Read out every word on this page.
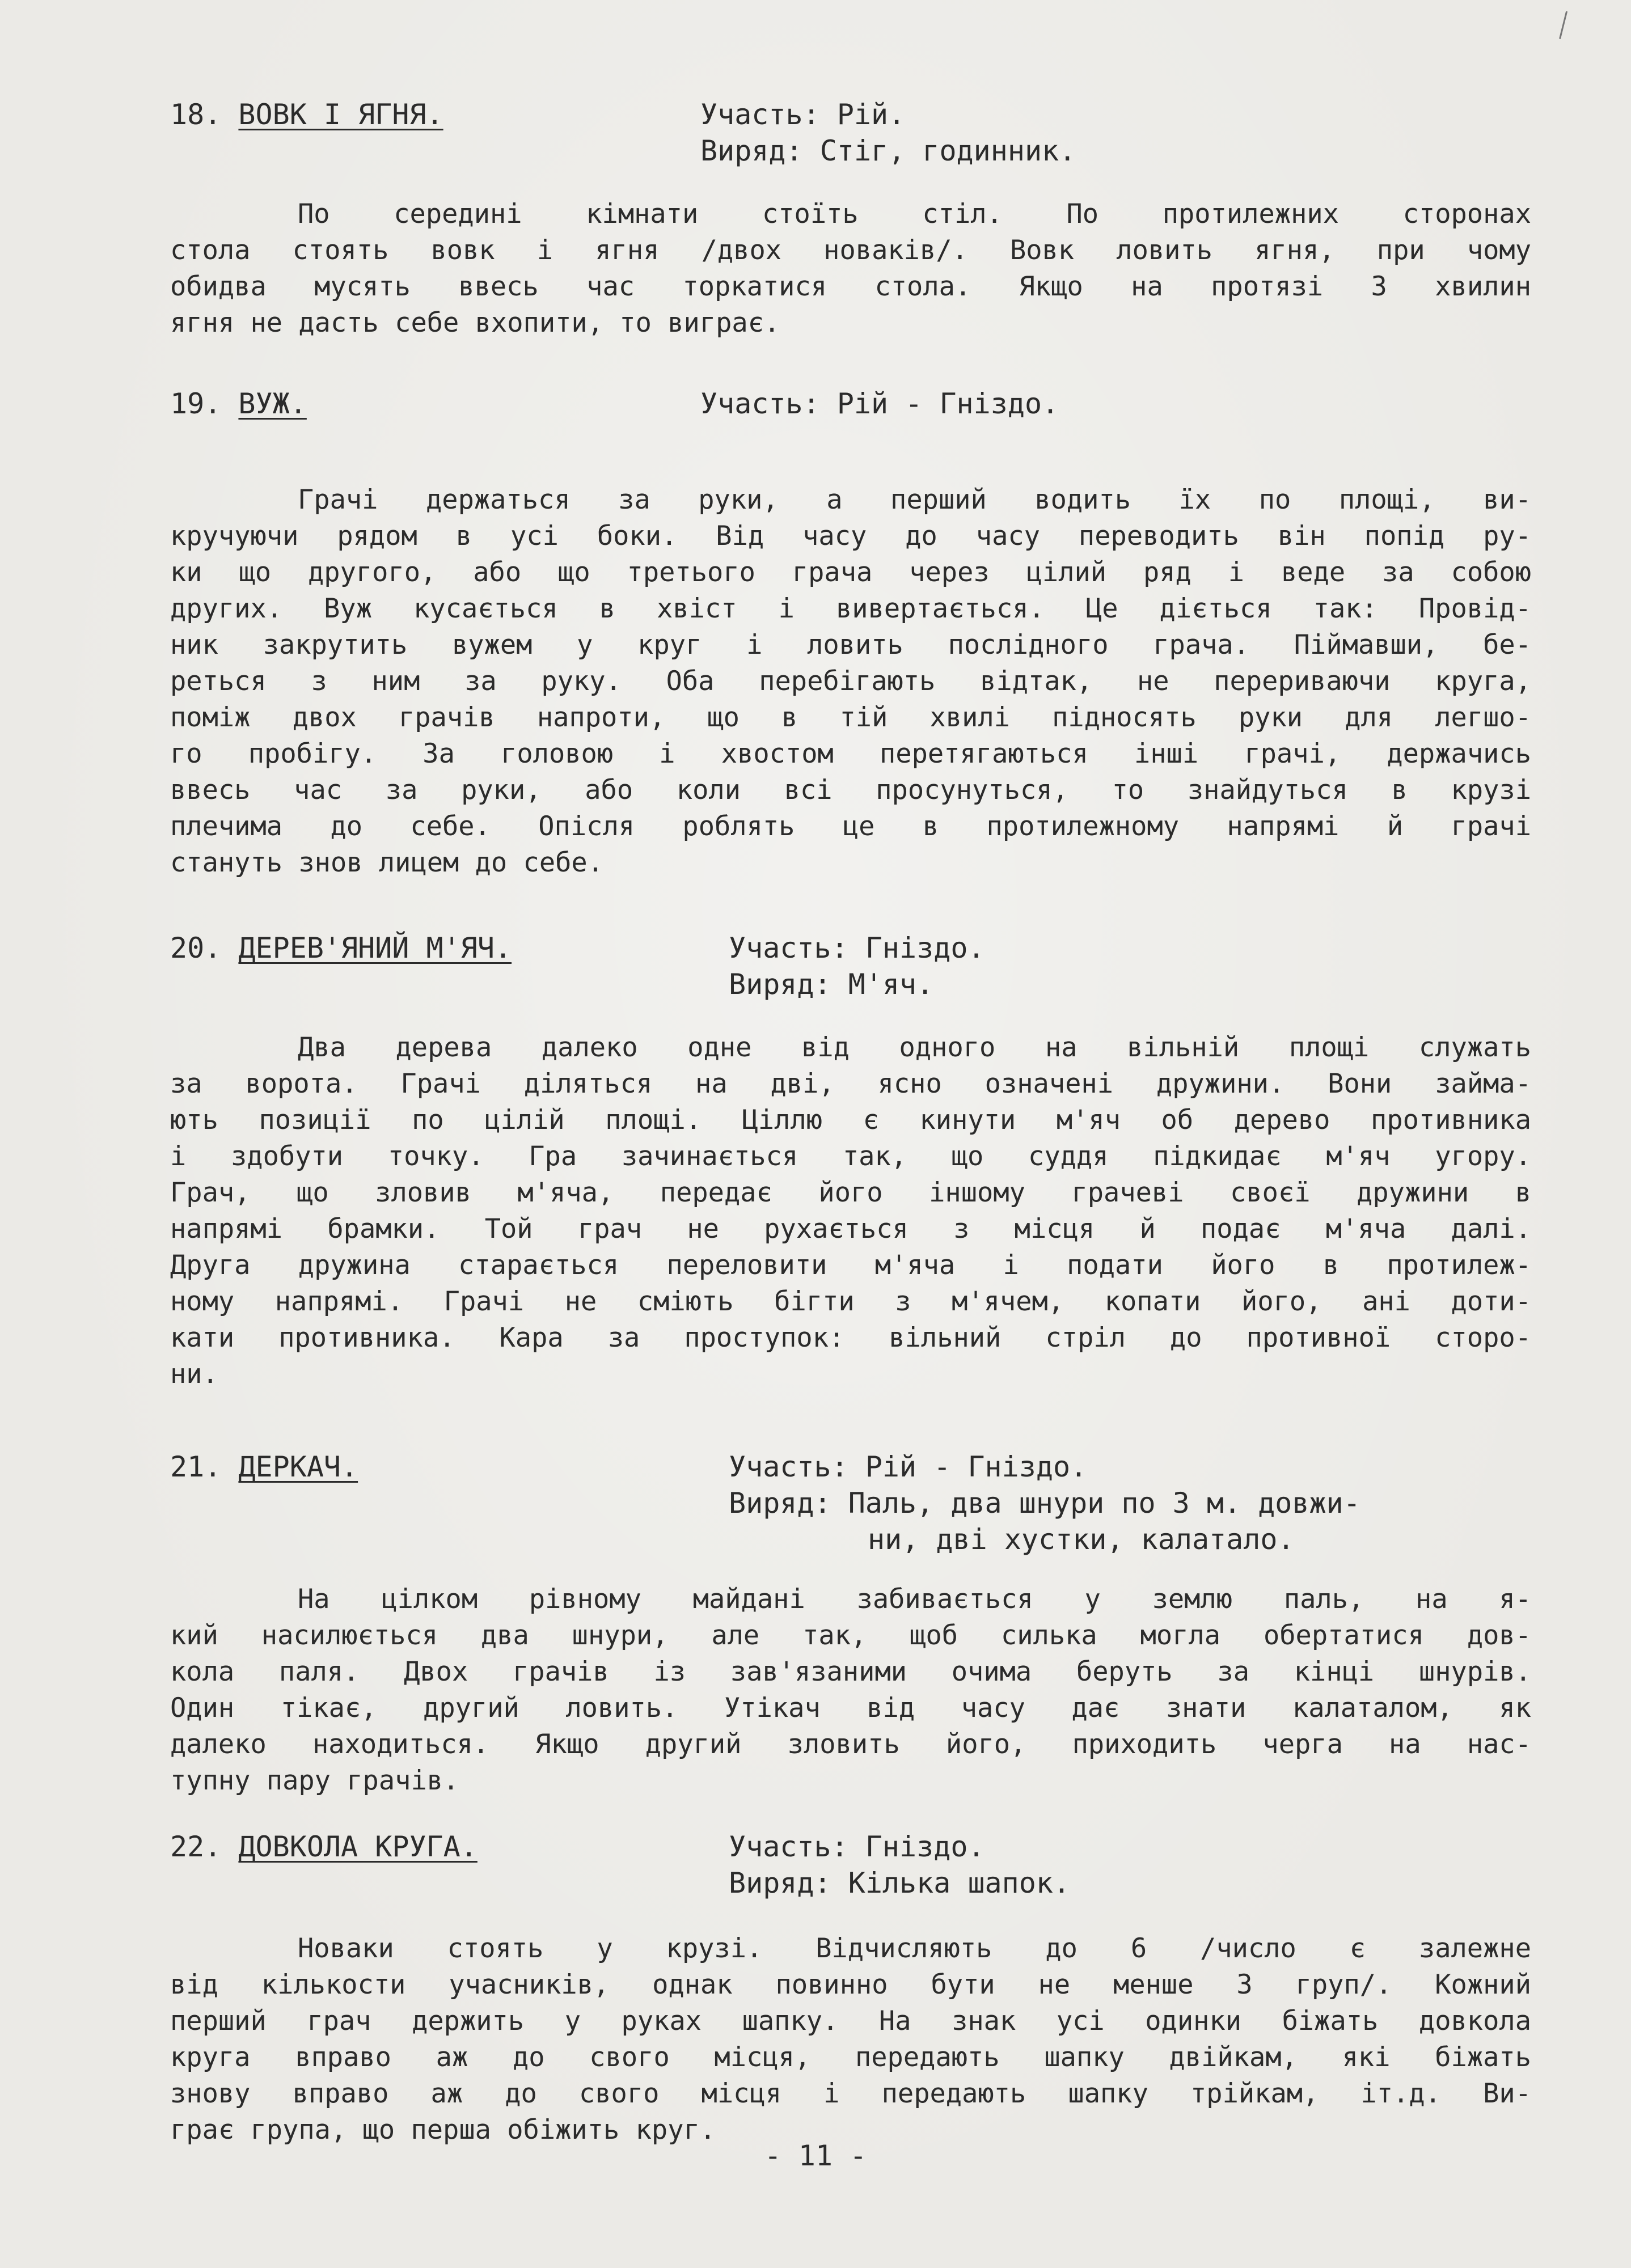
18. ВОВК І ЯГНЯ.	Участь: Рій.
Виряд: Стіг, годинник.

По середині кімнати стоїть стіл. По протилежних сторонах
стола стоять вовк і ягня /двох новаків/. Вовк ловить ягня, при чому
обидва мусять ввесь час торкатися стола. Якщо на протязі 3 хвилин
ягня не дасть себе вхопити, то виграє.

19. ВУЖ.	Участь: Рій - Гніздо.

Грачі держаться за руки, а перший водить їх по площі, ви-
кручуючи рядом в усі боки. Від часу до часу переводить він попід ру-
ки що другого, або що третього грача через цілий ряд і веде за собою
других. Вуж кусається в хвіст і вивертається. Це діється так: Провід-
ник закрутить вужем у круг і ловить послідного грача. Піймавши, бе-
реться з ним за руку. Оба перебігають відтак, не перериваючи круга,
поміж двох грачів напроти, що в тій хвилі підносять руки для легшо-
го пробігу. За головою і хвостом перетягаються інші грачі, держачись
ввесь час за руки, або коли всі просунуться, то знайдуться в крузі
плечима до себе. Опісля роблять це в протилежному напрямі й грачі
стануть знов лицем до себе.

20. ДЕРЕВ'ЯНИЙ М'ЯЧ.	Участь: Гніздо.
Виряд: М'яч.

Два дерева далеко одне від одного на вільній площі служать
за ворота. Грачі діляться на дві, ясно означені дружини. Вони займа-
ють позиції по цілій площі. Ціллю є кинути м'яч об дерево противника
і здобути точку. Гра зачинається так, що суддя підкидає м'яч угору.
Грач, що зловив м'яча, передає його іншому грачеві своєї дружини в
напрямі брамки. Той грач не рухається з місця й подає м'яча далі.
Друга дружина старається переловити м'яча і подати його в протилеж-
ному напрямі. Грачі не сміють бігти з м'ячем, копати його, ані доти-
кати противника. Кара за проступок: вільний стріл до противної сторо-
ни.

21. ДЕРКАЧ.	Участь: Рій - Гніздо.
Виряд: Паль, два шнури по 3 м. довжи-
ни, дві хустки, калатало.

На цілком рівному майдані забивається у землю паль, на я-
кий насилюється два шнури, але так, щоб силька могла обертатися дов-
кола паля. Двох грачів із зав'язаними очима беруть за кінці шнурів.
Один тікає, другий ловить. Утікач від часу дає знати калаталом, як
далеко находиться. Якщо другий зловить його, приходить черга на нас-
тупну пару грачів.

22. ДОВКОЛА КРУГА.	Участь: Гніздо.
Виряд: Кілька шапок.

Новаки стоять у крузі. Відчисляють до 6 /число є залежне
від кількости учасників, однак повинно бути не менше 3 груп/. Кожний
перший грач держить у руках шапку. На знак усі одинки біжать довкола
круга вправо аж до свого місця, передають шапку двійкам, які біжать
знову вправо аж до свого місця і передають шапку трійкам, іт.д. Ви-
грає група, що перша обіжить круг.

- 11 -
